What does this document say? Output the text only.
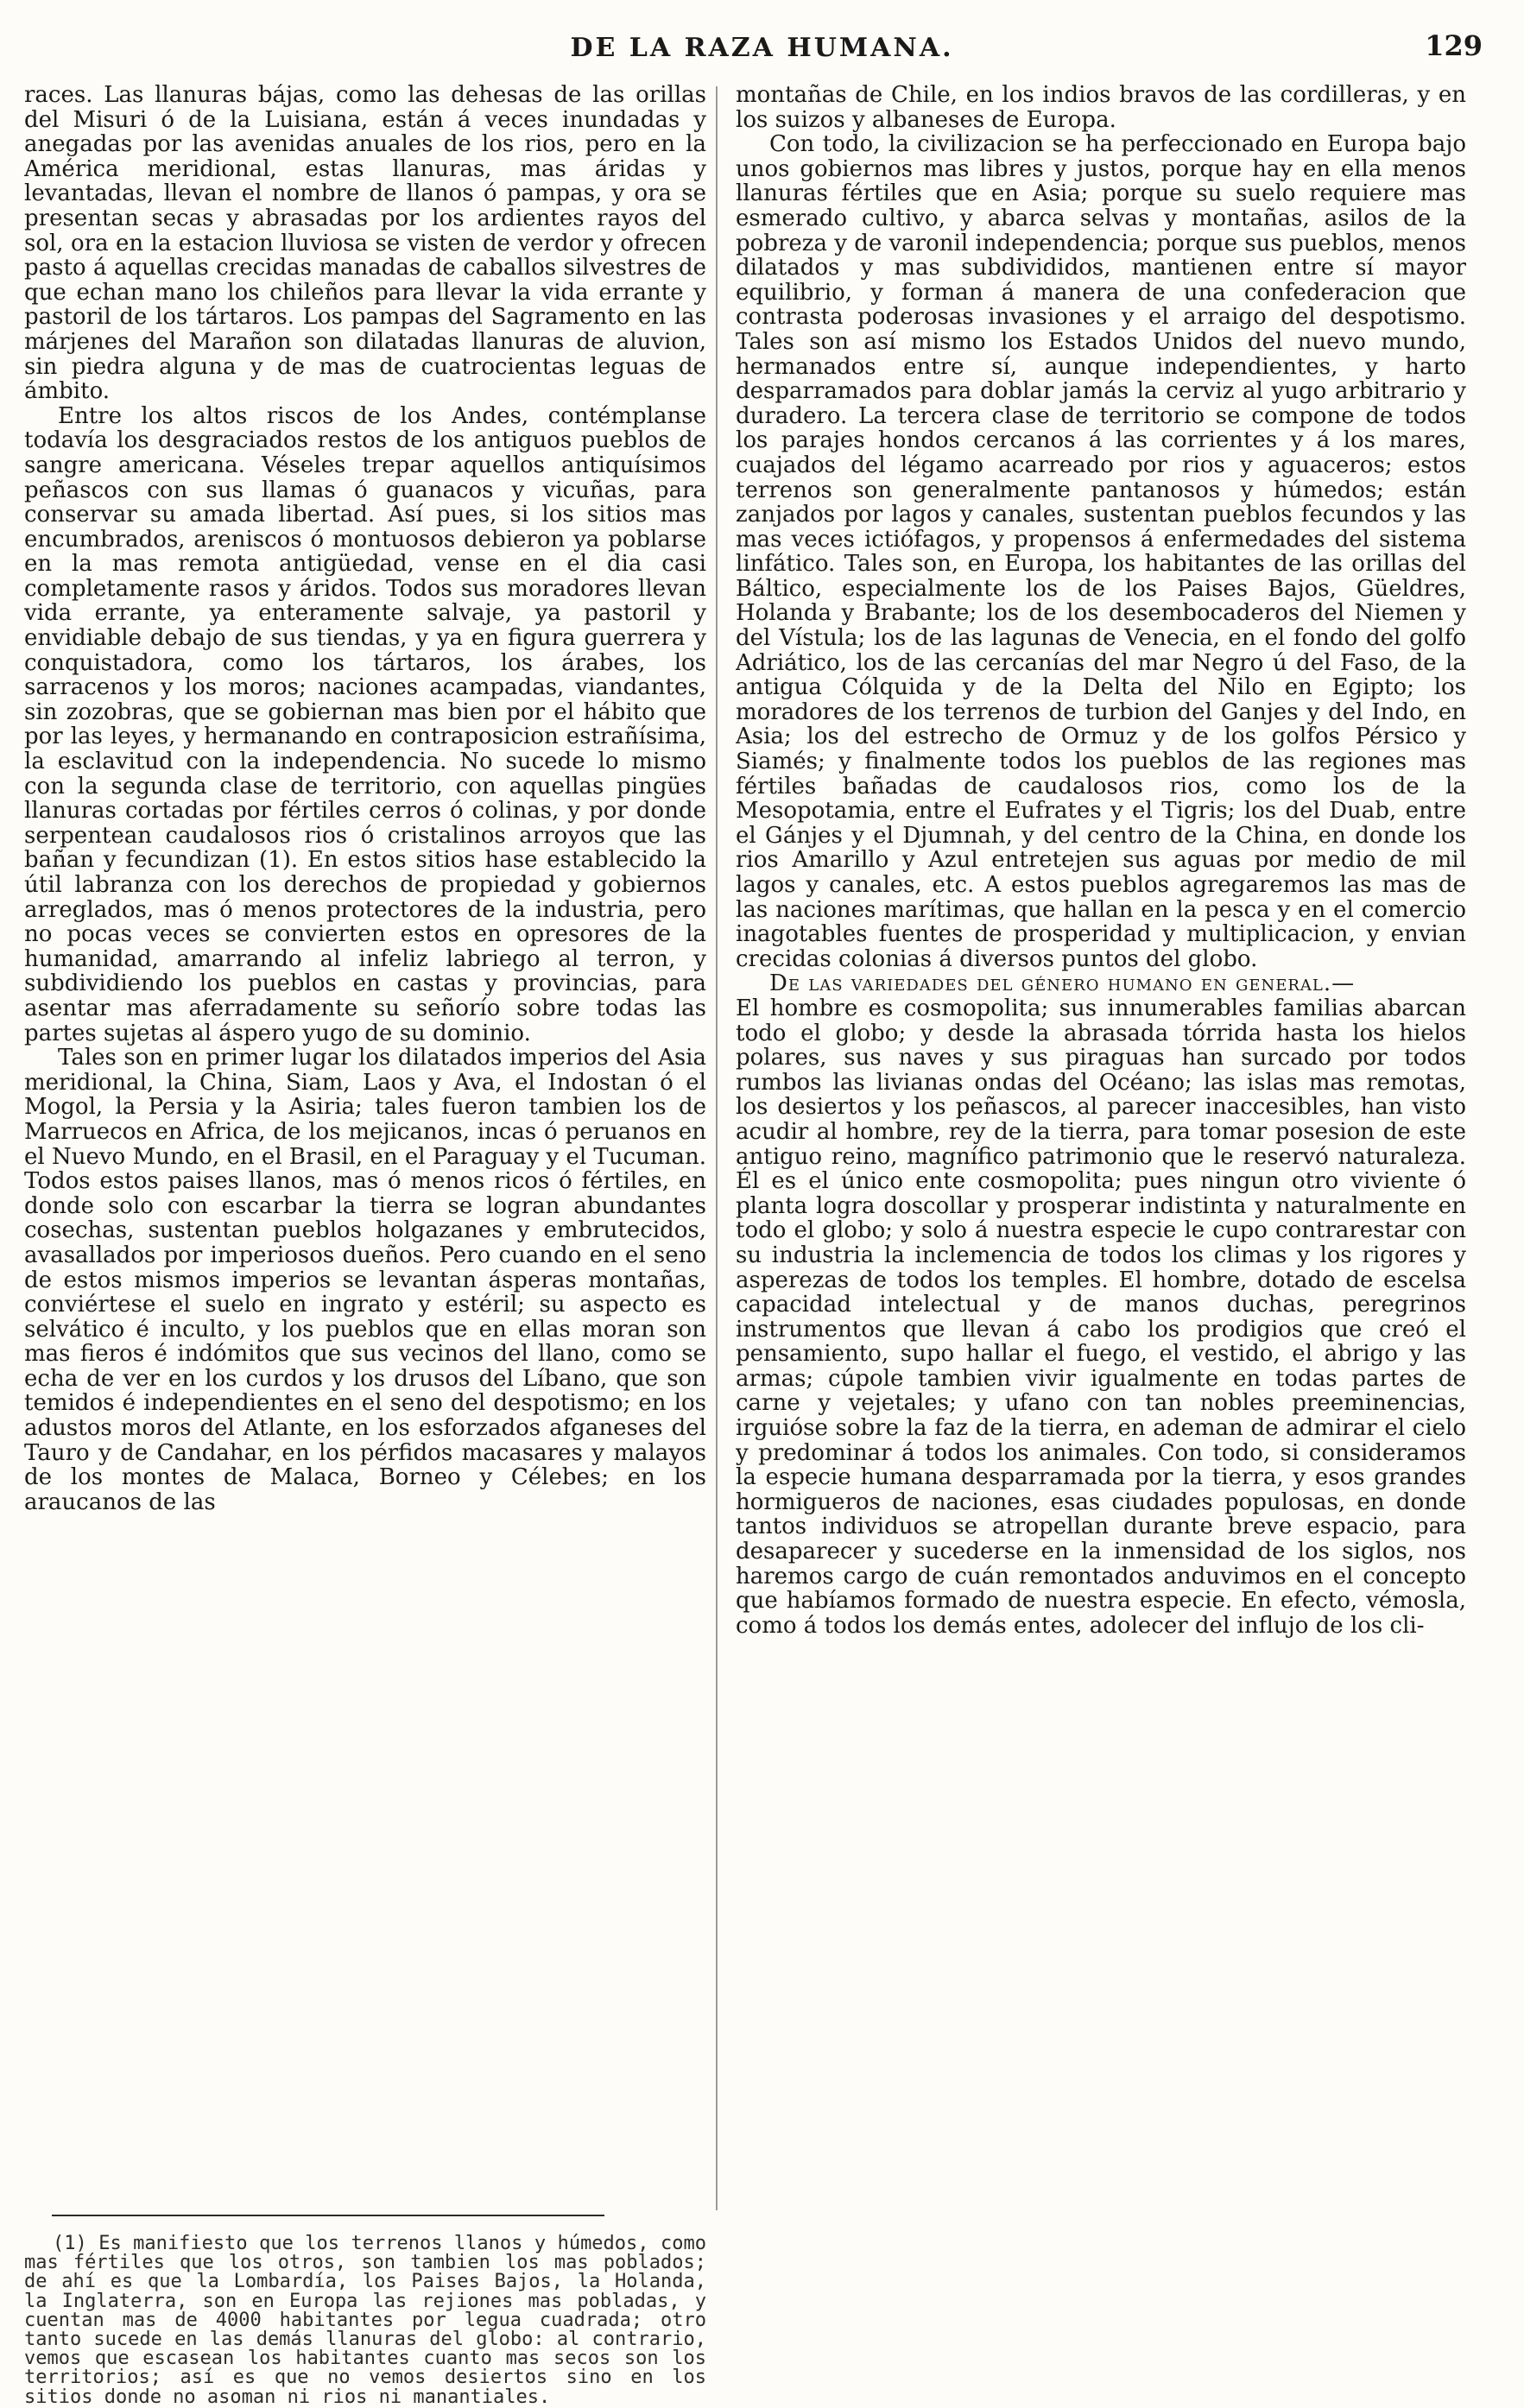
DE LA RAZA HUMANA.	129

races. Las llanuras bájas, como las dehesas de las orillas del Misuri ó de la Luisiana, están á veces inundadas y anegadas por las avenidas anuales de los rios, pero en la América meridional, estas llanuras, mas áridas y levantadas, llevan el nombre de llanos ó pampas, y ora se presentan secas y abrasadas por los ardientes rayos del sol, ora en la estacion lluviosa se visten de verdor y ofrecen pasto á aquellas crecidas manadas de caballos silvestres de que echan mano los chileños para llevar la vida errante y pastoril de los tártaros. Los pampas del Sagramento en las márjenes del Marañon son dilatadas llanuras de aluvion, sin piedra alguna y de mas de cuatrocientas leguas de ámbito.

Entre los altos riscos de los Andes, contémplanse todavía los desgraciados restos de los antiguos pueblos de sangre americana. Véseles trepar aquellos antiquísimos peñascos con sus llamas ó guanacos y vicuñas, para conservar su amada libertad. Así pues, si los sitios mas encumbrados, areniscos ó montuosos debieron ya poblarse en la mas remota antigüedad, vense en el dia casi completamente rasos y áridos. Todos sus moradores llevan vida errante, ya enteramente salvaje, ya pastoril y envidiable debajo de sus tiendas, y ya en figura guerrera y conquistadora, como los tártaros, los árabes, los sarracenos y los moros; naciones acampadas, viandantes, sin zozobras, que se gobiernan mas bien por el hábito que por las leyes, y hermanando en contraposicion estrañísima, la esclavitud con la independencia. No sucede lo mismo con la segunda clase de territorio, con aquellas pingües llanuras cortadas por fértiles cerros ó colinas, y por donde serpentean caudalosos rios ó cristalinos arroyos que las bañan y fecundizan (1). En estos sitios hase establecido la útil labranza con los derechos de propiedad y gobiernos arreglados, mas ó menos protectores de la industria, pero no pocas veces se convierten estos en opresores de la humanidad, amarrando al infeliz labriego al terron, y subdividiendo los pueblos en castas y provincias, para asentar mas aferradamente su señorío sobre todas las partes sujetas al áspero yugo de su dominio.

Tales son en primer lugar los dilatados imperios del Asia meridional, la China, Siam, Laos y Ava, el Indostan ó el Mogol, la Persia y la Asiria; tales fueron tambien los de Marruecos en Africa, de los mejicanos, incas ó peruanos en el Nuevo Mundo, en el Brasil, en el Paraguay y el Tucuman. Todos estos paises llanos, mas ó menos ricos ó fértiles, en donde solo con escarbar la tierra se logran abundantes cosechas, sustentan pueblos holgazanes y embrutecidos, avasallados por imperiosos dueños. Pero cuando en el seno de estos mismos imperios se levantan ásperas montañas, conviértese el suelo en ingrato y estéril; su aspecto es selvático é inculto, y los pueblos que en ellas moran son mas fieros é indómitos que sus vecinos del llano, como se echa de ver en los curdos y los drusos del Líbano, que son temidos é independientes en el seno del despotismo; en los adustos moros del Atlante, en los esforzados afganeses del Tauro y de Candahar, en los pérfidos macasares y malayos de los montes de Malaca, Borneo y Célebes; en los araucanos de las

montañas de Chile, en los indios bravos de las cordilleras, y en los suizos y albaneses de Europa.

Con todo, la civilizacion se ha perfeccionado en Europa bajo unos gobiernos mas libres y justos, porque hay en ella menos llanuras fértiles que en Asia; porque su suelo requiere mas esmerado cultivo, y abarca selvas y montañas, asilos de la pobreza y de varonil independencia; porque sus pueblos, menos dilatados y mas subdivididos, mantienen entre sí mayor equilibrio, y forman á manera de una confederacion que contrasta poderosas invasiones y el arraigo del despotismo. Tales son así mismo los Estados Unidos del nuevo mundo, hermanados entre sí, aunque independientes, y harto desparramados para doblar jamás la cerviz al yugo arbitrario y duradero. La tercera clase de territorio se compone de todos los parajes hondos cercanos á las corrientes y á los mares, cuajados del légamo acarreado por rios y aguaceros; estos terrenos son generalmente pantanosos y húmedos; están zanjados por lagos y canales, sustentan pueblos fecundos y las mas veces ictiófagos, y propensos á enfermedades del sistema linfático. Tales son, en Europa, los habitantes de las orillas del Báltico, especialmente los de los Paises Bajos, Güeldres, Holanda y Brabante; los de los desembocaderos del Niemen y del Vístula; los de las lagunas de Venecia, en el fondo del golfo Adriático, los de las cercanías del mar Negro ú del Faso, de la antigua Cólquida y de la Delta del Nilo en Egipto; los moradores de los terrenos de turbion del Ganjes y del Indo, en Asia; los del estrecho de Ormuz y de los golfos Pérsico y Siamés; y finalmente todos los pueblos de las regiones mas fértiles bañadas de caudalosos rios, como los de la Mesopotamia, entre el Eufrates y el Tigris; los del Duab, entre el Gánjes y el Djumnah, y del centro de la China, en donde los rios Amarillo y Azul entretejen sus aguas por medio de mil lagos y canales, etc. A estos pueblos agregaremos las mas de las naciones marítimas, que hallan en la pesca y en el comercio inagotables fuentes de prosperidad y multiplicacion, y envian crecidas colonias á diversos puntos del globo.

De las variedades del género humano en general.—

El hombre es cosmopolita; sus innumerables familias abarcan todo el globo; y desde la abrasada tórrida hasta los hielos polares, sus naves y sus piraguas han surcado por todos rumbos las livianas ondas del Océano; las islas mas remotas, los desiertos y los peñascos, al parecer inaccesibles, han visto acudir al hombre, rey de la tierra, para tomar posesion de este antiguo reino, magnífico patrimonio que le reservó naturaleza. Él es el único ente cosmopolita; pues ningun otro viviente ó planta logra doscollar y prosperar indistinta y naturalmente en todo el globo; y solo á nuestra especie le cupo contrarestar con su industria la inclemencia de todos los climas y los rigores y asperezas de todos los temples. El hombre, dotado de escelsa capacidad intelectual y de manos duchas, peregrinos instrumentos que llevan á cabo los prodigios que creó el pensamiento, supo hallar el fuego, el vestido, el abrigo y las armas; cúpole tambien vivir igualmente en todas partes de carne y vejetales; y ufano con tan nobles preeminencias, irguióse sobre la faz de la tierra, en ademan de admirar el cielo y predominar á todos los animales. Con todo, si consideramos la especie humana desparramada por la tierra, y esos grandes hormigueros de naciones, esas ciudades populosas, en donde tantos individuos se atropellan durante breve espacio, para desaparecer y sucederse en la inmensidad de los siglos, nos haremos cargo de cuán remontados anduvimos en el concepto que habíamos formado de nuestra especie. En efecto, vémosla, como á todos los demás entes, adolecer del influjo de los cli-

(1) Es manifiesto que los terrenos llanos y húmedos, como mas fértiles que los otros, son tambien los mas poblados; de ahí es que la Lombardía, los Paises Bajos, la Holanda, la Inglaterra, son en Europa las rejiones mas pobladas, y cuentan mas de 4000 habitantes por legua cuadrada; otro tanto sucede en las demás llanuras del globo: al contrario, vemos que escasean los habitantes cuanto mas secos son los territorios; así es que no vemos desiertos sino en los sitios donde no asoman ni rios ni manantiales.
